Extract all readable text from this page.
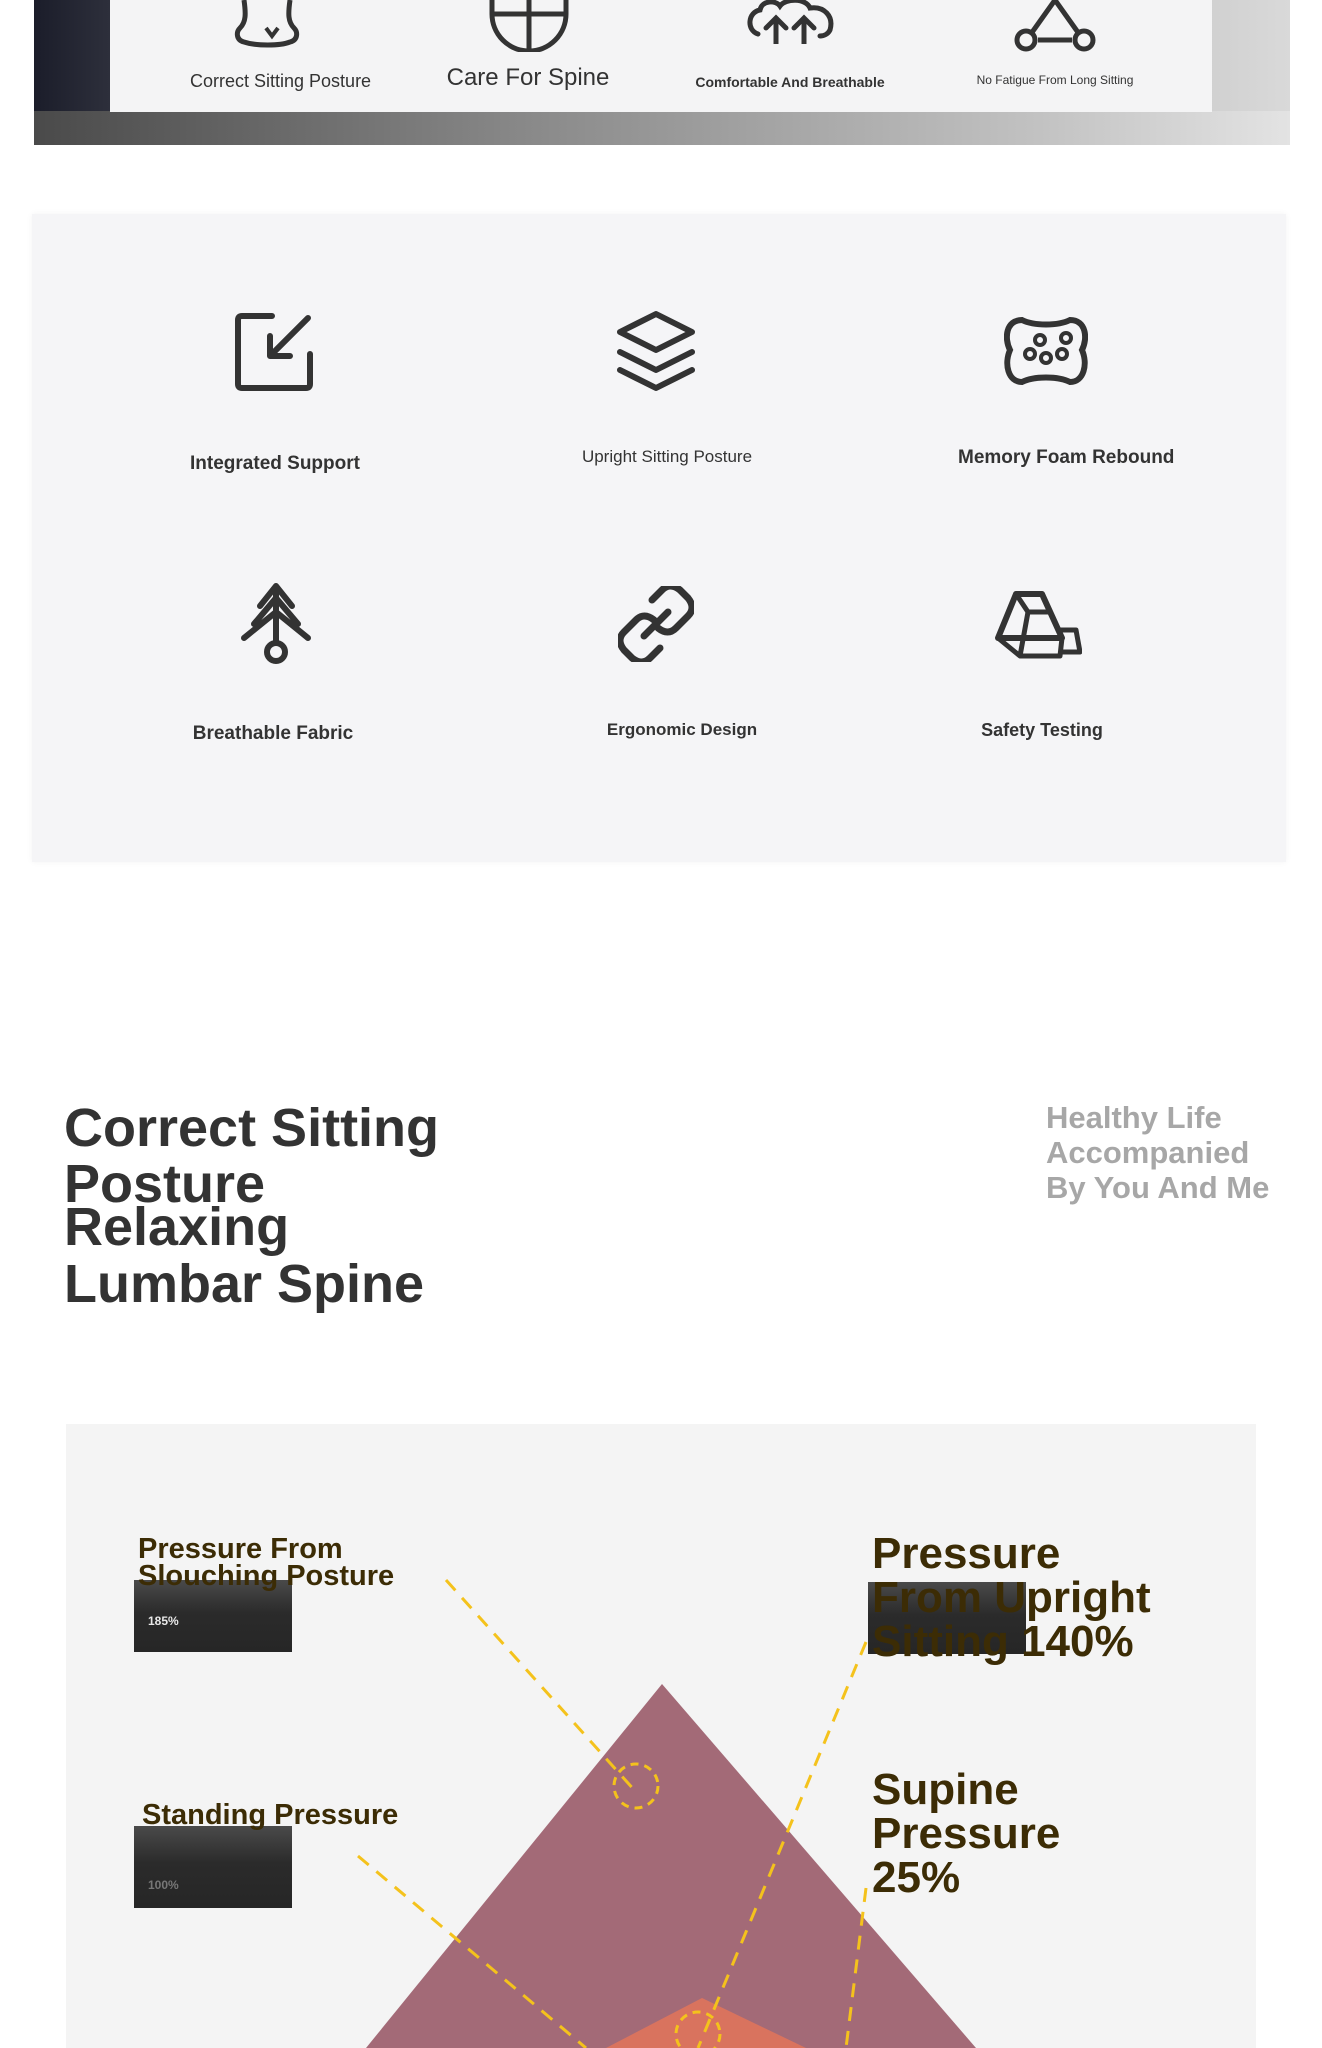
Correct Sitting Posture	Care For Spine	Comfortable And Breathable	No Fatigue From Long Sitting
Integrated Support	Upright Sitting Posture	Memory Foam Rebound
Breathable Fabric	Ergonomic Design	Safety Testing
Correct Sitting
Posture
Relaxing
Lumbar Spine
Healthy Life Accompanied By You And Me
185%
Pressure From Slouching Posture
100%
Standing Pressure
Pressure From Upright Sitting 140%
Supine Pressure 25%
